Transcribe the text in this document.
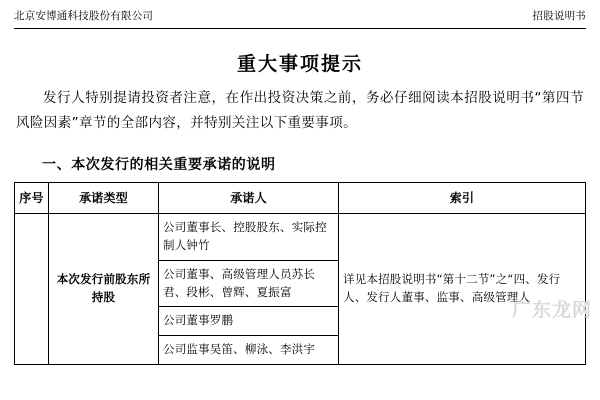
北京安博通科技股份有限公司	招股说明书
重大事项提示
发行人特别提请投资者注意，在作出投资决策之前，务必仔细阅读本招股说明书“第四节 风险因素”章节的全部内容，并特别关注以下重要事项。
一、本次发行的相关重要承诺的说明
序号	承诺类型	承诺人	索引
	本次发行前股东所持股	公司董事长、控股股东、实际控制人钟竹	详见本招股说明书“第十二节”之“四、发行人、发行人董事、监事、高级管理人
		公司董事、高级管理人员苏长君、段彬、曾辉、夏振富	
		公司董事罗鹏	
		公司监事吴笛、柳泳、李洪宇	
广东龙网
